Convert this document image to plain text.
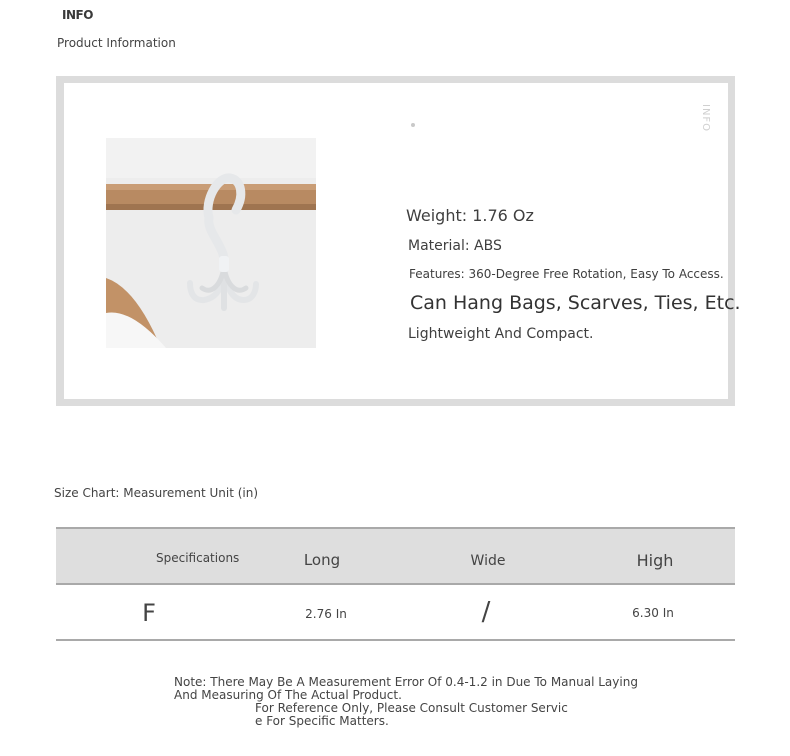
INFO
Product Information
INFO
Weight: 1.76 Oz
Material: ABS
Features: 360-Degree Free Rotation, Easy To Access.
Can Hang Bags, Scarves, Ties, Etc.
Lightweight And Compact.
Size Chart: Measurement Unit (in)
Specifications	Long	Wide	High
F	2.76 In	/	6.30 In
Note: There May Be A Measurement Error Of 0.4-1.2 in Due To Manual Laying
And Measuring Of The Actual Product.
For Reference Only, Please Consult Customer Servic
e For Specific Matters.
